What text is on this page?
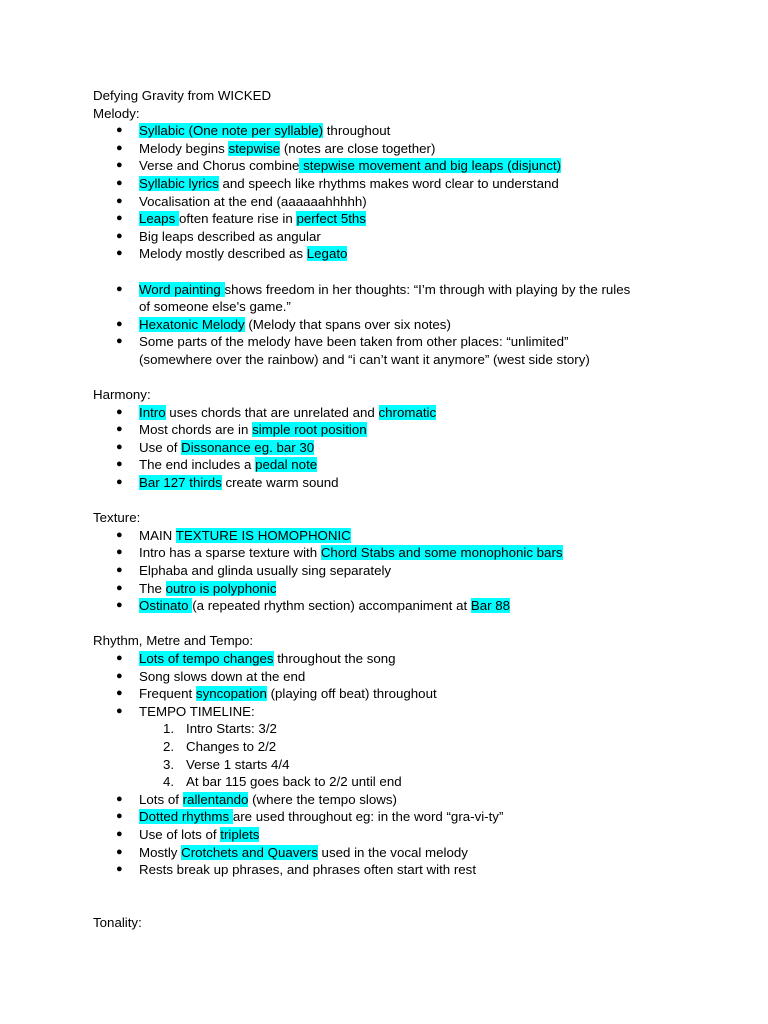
Defying Gravity from WICKED
Melody:
● Syllabic (One note per syllable) throughout
● Melody begins stepwise (notes are close together)
● Verse and Chorus combine stepwise movement and big leaps (disjunct)
● Syllabic lyrics and speech like rhythms makes word clear to understand
● Vocalisation at the end (aaaaaahhhhh)
● Leaps often feature rise in perfect 5ths
● Big leaps described as angular
● Melody mostly described as Legato
● Word painting shows freedom in her thoughts: “I’m through with playing by the rules
of someone else's game.”
● Hexatonic Melody (Melody that spans over six notes)
● Some parts of the melody have been taken from other places: “unlimited”
(somewhere over the rainbow) and “i can’t want it anymore” (west side story)
Harmony:
● Intro uses chords that are unrelated and chromatic
● Most chords are in simple root position
● Use of Dissonance eg. bar 30
● The end includes a pedal note
● Bar 127 thirds create warm sound
Texture:
● MAIN TEXTURE IS HOMOPHONIC
● Intro has a sparse texture with Chord Stabs and some monophonic bars
● Elphaba and glinda usually sing separately
● The outro is polyphonic
● Ostinato (a repeated rhythm section) accompaniment at Bar 88
Rhythm, Metre and Tempo:
● Lots of tempo changes throughout the song
● Song slows down at the end
● Frequent syncopation (playing off beat) throughout
● TEMPO TIMELINE:
1. Intro Starts: 3/2
2. Changes to 2/2
3. Verse 1 starts 4/4
4. At bar 115 goes back to 2/2 until end
● Lots of rallentando (where the tempo slows)
● Dotted rhythms are used throughout eg: in the word “gra-vi-ty”
● Use of lots of triplets
● Mostly Crotchets and Quavers used in the vocal melody
● Rests break up phrases, and phrases often start with rest
Tonality:
